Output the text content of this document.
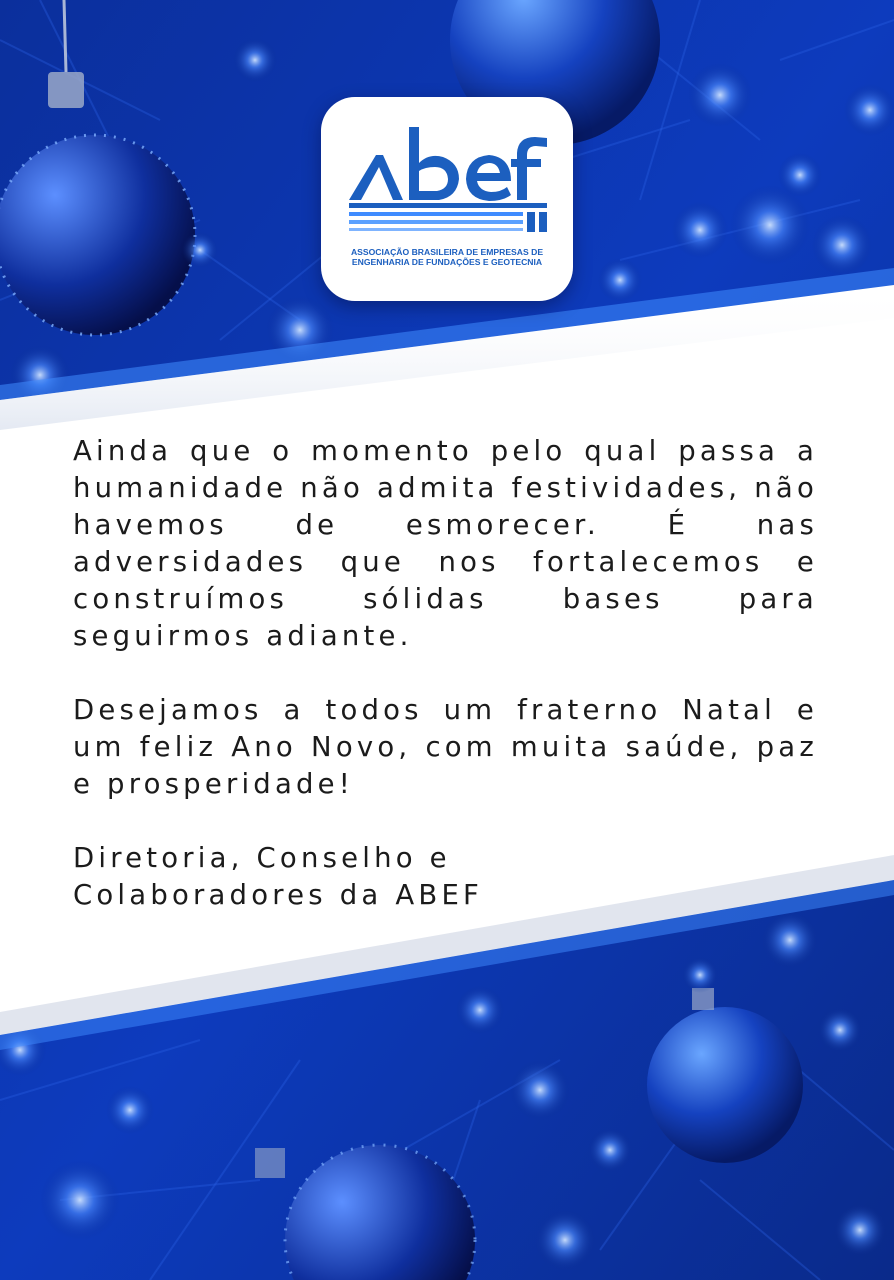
ASSOCIAÇÃO BRASILEIRA DE EMPRESAS DE
ENGENHARIA DE FUNDAÇÕES E GEOTECNIA

Ainda que o momento pelo qual passa a humanidade não admita festividades, não havemos de esmorecer. É nas adversidades que nos fortalecemos e construímos sólidas bases para seguirmos adiante.

Desejamos a todos um fraterno Natal e um feliz Ano Novo, com muita saúde, paz e prosperidade!

Diretoria, Conselho e

Colaboradores da ABEF
